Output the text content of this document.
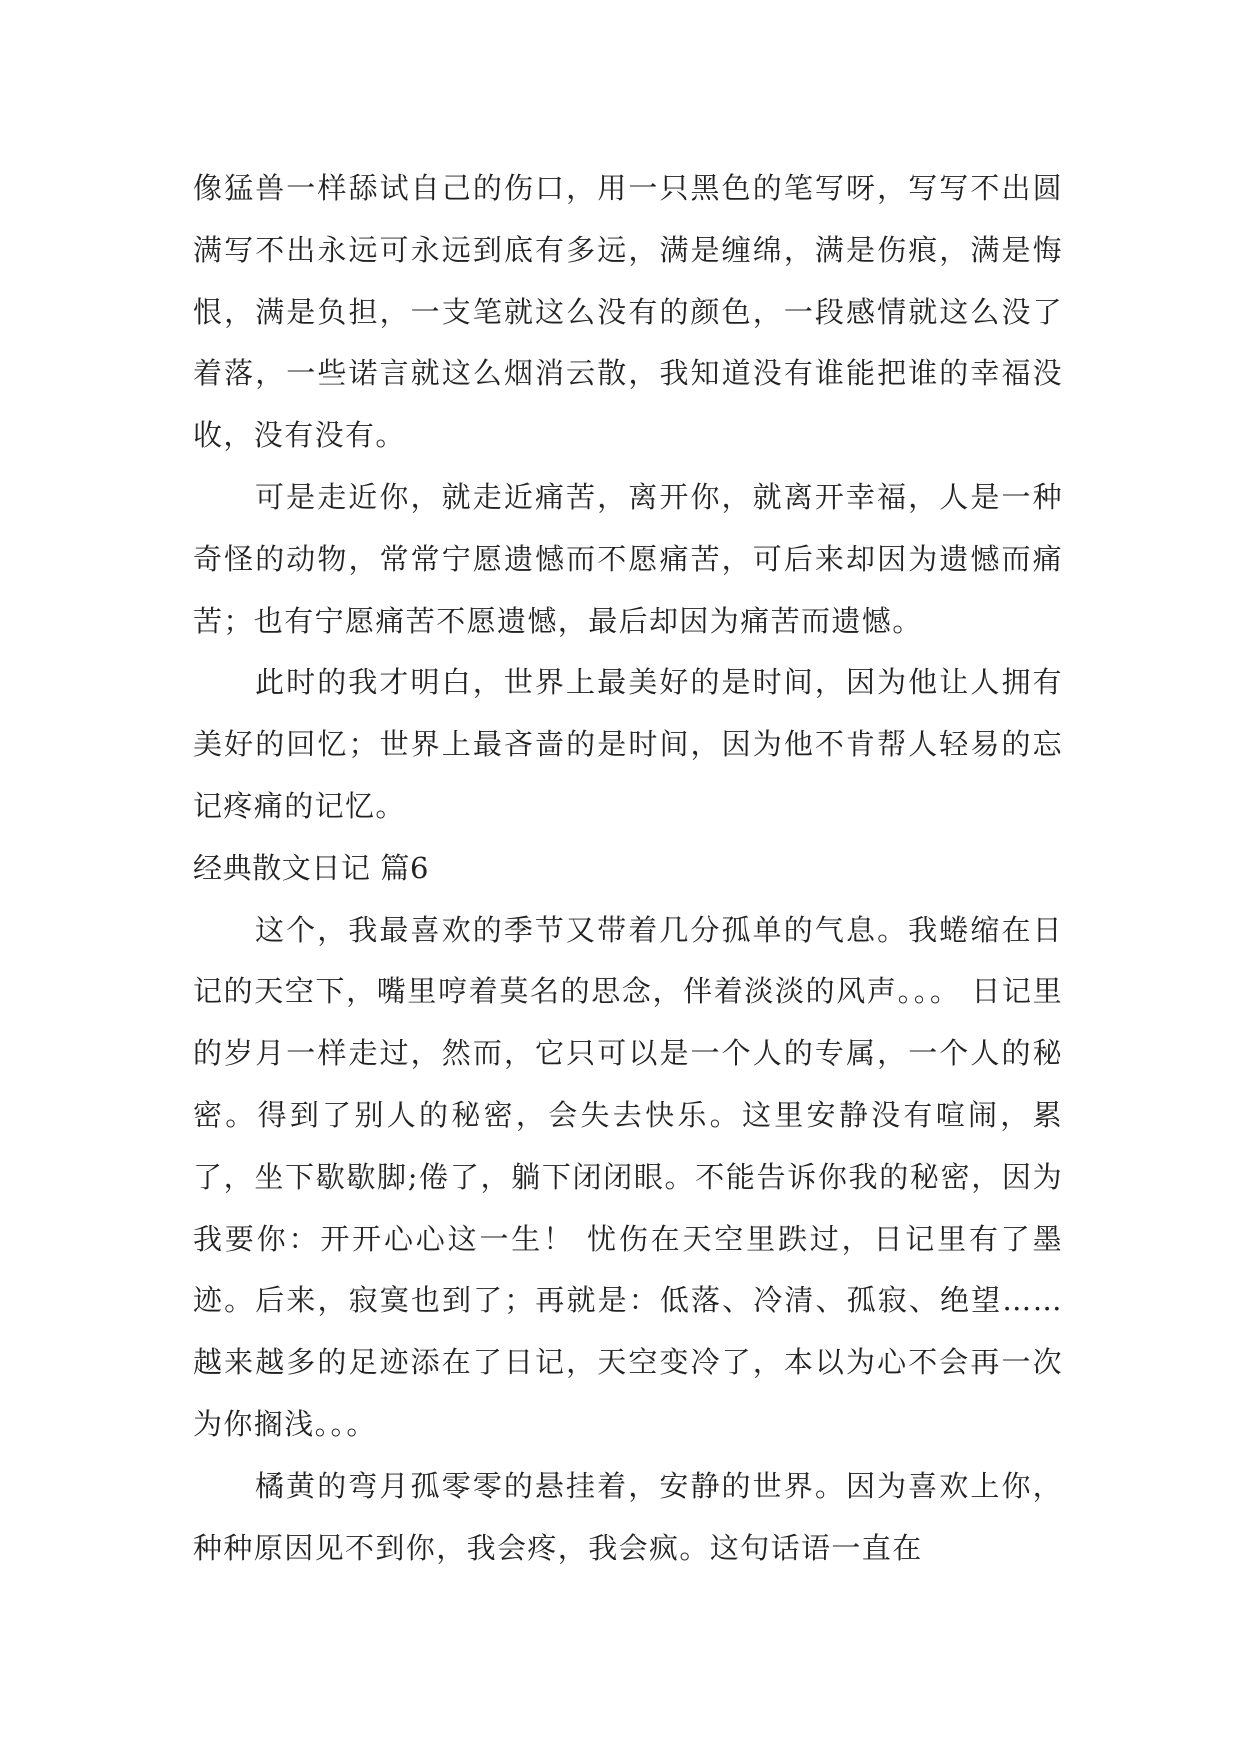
像猛兽一样舔试自己的伤口，用一只黑色的笔写呀，写写不出圆满写不出永远可永远到底有多远，满是缠绵，满是伤痕，满是悔恨，满是负担，一支笔就这么没有的颜色，一段感情就这么没了着落，一些诺言就这么烟消云散，我知道没有谁能把谁的幸福没收，没有没有。

可是走近你，就走近痛苦，离开你，就离开幸福，人是一种奇怪的动物，常常宁愿遗憾而不愿痛苦，可后来却因为遗憾而痛苦；也有宁愿痛苦不愿遗憾，最后却因为痛苦而遗憾。

此时的我才明白，世界上最美好的是时间，因为他让人拥有美好的回忆；世界上最吝啬的是时间，因为他不肯帮人轻易的忘记疼痛的记忆。

经典散文日记 篇6

这个，我最喜欢的季节又带着几分孤单的气息。我蜷缩在日记的天空下，嘴里哼着莫名的思念，伴着淡淡的风声。。。 日记里的岁月一样走过，然而，它只可以是一个人的专属，一个人的秘密。得到了别人的秘密，会失去快乐。这里安静没有喧闹，累了，坐下歇歇脚;倦了，躺下闭闭眼。不能告诉你我的秘密，因为我要你：开开心心这一生！ 忧伤在天空里跌过，日记里有了墨迹。后来，寂寞也到了；再就是：低落、冷清、孤寂、绝望……越来越多的足迹添在了日记，天空变冷了，本以为心不会再一次为你搁浅。。。

橘黄的弯月孤零零的悬挂着，安静的世界。因为喜欢上你，种种原因见不到你，我会疼，我会疯。这句话语一直在
